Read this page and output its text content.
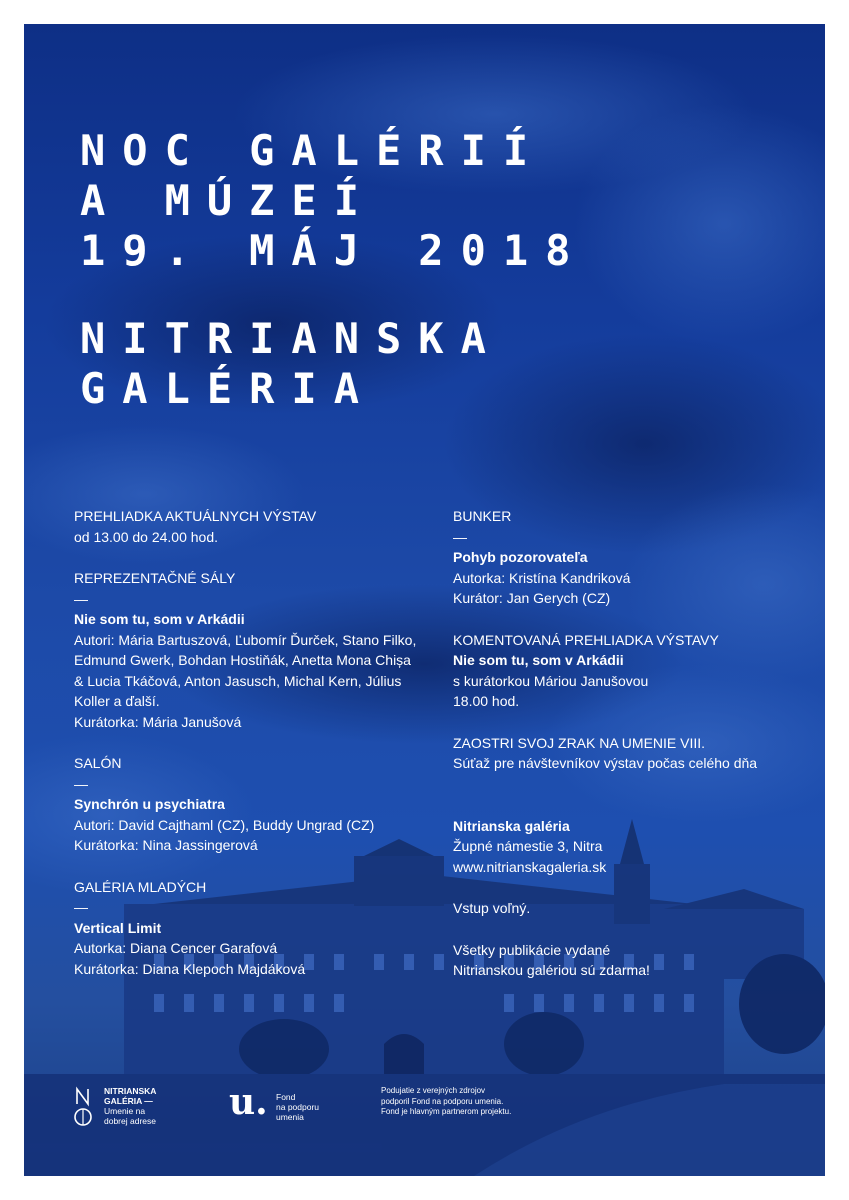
NOC GALÉRIÍ
A MÚZEÍ
19. MÁJ 2018
NITRIANSKA
GALÉRIA
PREHLIADKA AKTUÁLNYCH VÝSTAV
od 13.00 do 24.00 hod.
REPREZENTAČNÉ SÁLY
—
Nie som tu, som v Arkádii
Autori: Mária Bartuszová, Ľubomír Ďurček, Stano Filko,
Edmund Gwerk, Bohdan Hostiňák, Anetta Mona Chișa
& Lucia Tkáčová, Anton Jasusch, Michal Kern, Július
Koller a ďalší.
Kurátorka: Mária Janušová
SALÓN
—
Synchrón u psychiatra
Autori: David Cajthaml (CZ), Buddy Ungrad (CZ)
Kurátorka: Nina Jassingerová
GALÉRIA MLADÝCH
—
Vertical Limit
Autorka: Diana Cencer Garafová
Kurátorka: Diana Klepoch Majdáková
BUNKER
—
Pohyb pozorovateľa
Autorka: Kristína Kandriková
Kurátor: Jan Gerych (CZ)
KOMENTOVANÁ PREHLIADKA VÝSTAVY
Nie som tu, som v Arkádii
s kurátorkou Máriou Janušovou
18.00 hod.
ZAOSTRI SVOJ ZRAK NA UMENIE VIII.
Súťaž pre návštevníkov výstav počas celého dňa
Nitrianska galéria
Župné námestie 3, Nitra
www.nitrianskagaleria.sk
Vstup voľný.
Všetky publikácie vydané
Nitrianskou galériou sú zdarma!
NITRIANSKA
GALÉRIA —
Umenie na
dobrej adrese u. Fond
na podporu
umenia
Podujatie z verejných zdrojov
podporil Fond na podporu umenia.
Fond je hlavným partnerom projektu.
